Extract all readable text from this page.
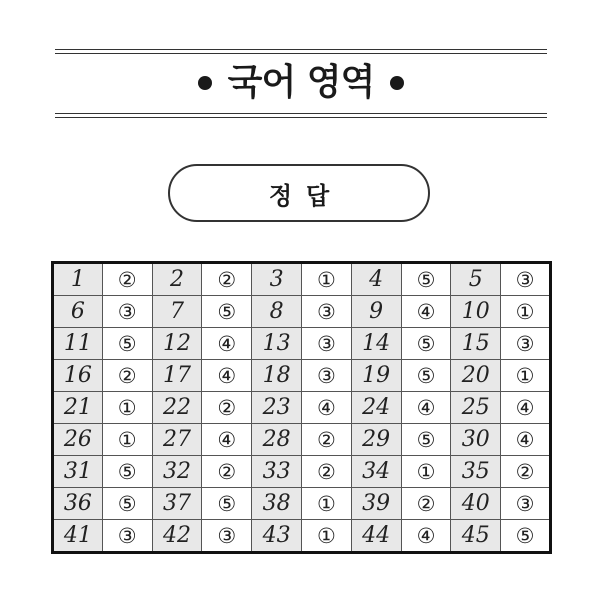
국어 영역
정답
1	②	2	②	3	①	4	⑤	5	③
6	③	7	⑤	8	③	9	④	10	①
11	⑤	12	④	13	③	14	⑤	15	③
16	②	17	④	18	③	19	⑤	20	①
21	①	22	②	23	④	24	④	25	④
26	①	27	④	28	②	29	⑤	30	④
31	⑤	32	②	33	②	34	①	35	②
36	⑤	37	⑤	38	①	39	②	40	③
41	③	42	③	43	①	44	④	45	⑤
